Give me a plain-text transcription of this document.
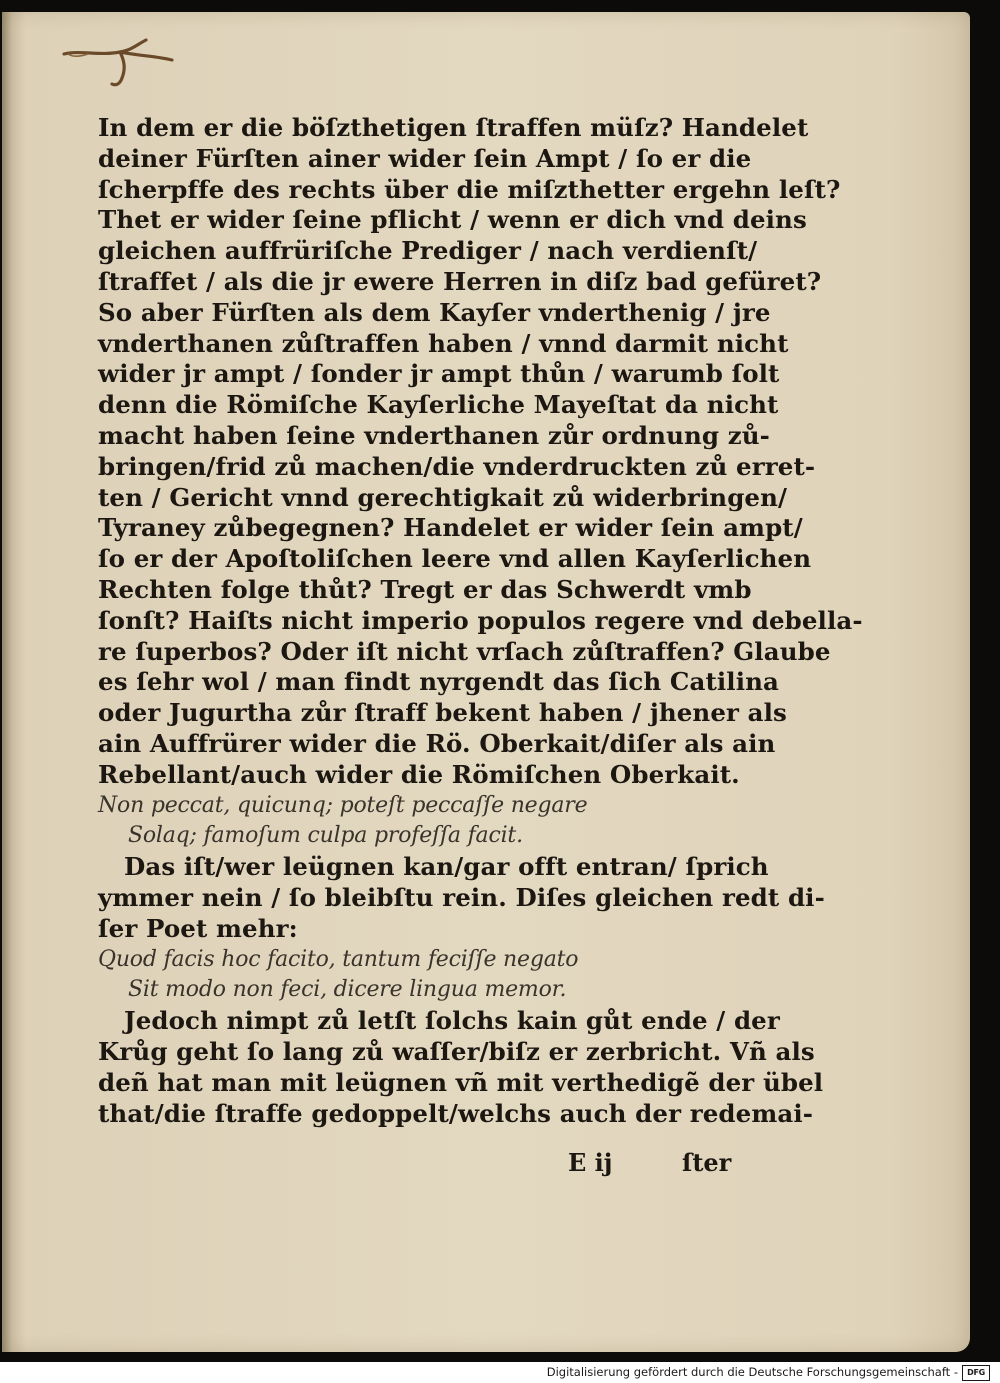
In dem er die böſzthetigen ſtraffen müſz? Handelet
deiner Fürſten ainer wider ſein Ampt / ſo er die
ſcherpffe des rechts über die miſzthetter ergehn leſt?
Thet er wider ſeine pflicht / wenn er dich vnd deins
gleichen auffrüriſche Prediger / nach verdienſt/
ſtraffet / als die jr ewere Herren in diſz bad gefüret?
So aber Fürſten als dem Kayſer vnderthenig / jre
vnderthanen zůſtraffen haben / vnnd darmit nicht
wider jr ampt / ſonder jr ampt thůn / warumb ſolt
denn die Römiſche Kayſerliche Mayeſtat da nicht
macht haben ſeine vnderthanen zůr ordnung zů-
bringen/frid zů machen/die vnderdruckten zů erret-
ten / Gericht vnnd gerechtigkait zů widerbringen/
Tyraney zůbegegnen? Handelet er wider ſein ampt/
ſo er der Apoſtoliſchen leere vnd allen Kayſerlichen
Rechten folge thůt? Tregt er das Schwerdt vmb
ſonſt? Haiſts nicht imperio populos regere vnd debella-
re ſuperbos? Oder iſt nicht vrſach zůſtraffen? Glaube
es ſehr wol / man findt nyrgendt das ſich Catilina
oder Jugurtha zůr ſtraff bekent haben / jhener als
ain Auffrürer wider die Rö. Oberkait/diſer als ain
Rebellant/auch wider die Römiſchen Oberkait.
Non peccat, quicunq; poteſt peccaſſe negare
Solaq; famoſum culpa profeſſa facit.
Das iſt/wer leügnen kan/gar offt entran/ ſprich
ymmer nein / ſo bleibſtu rein. Diſes gleichen redt di-
ſer Poet mehr:
Quod facis hoc facito, tantum feciſſe negato
Sit modo non feci, dicere lingua memor.
Jedoch nimpt zů letſt ſolchs kain gůt ende / der
Krůg geht ſo lang zů waſſer/biſz er zerbricht. Vñ als
deñ hat man mit leügnen vñ mit verthedigẽ der übel
that/die ſtraffe gedoppelt/welchs auch der redemai-
E ij	ſter
Digitalisierung gefördert durch die Deutsche Forschungsgemeinschaft -	DFG
